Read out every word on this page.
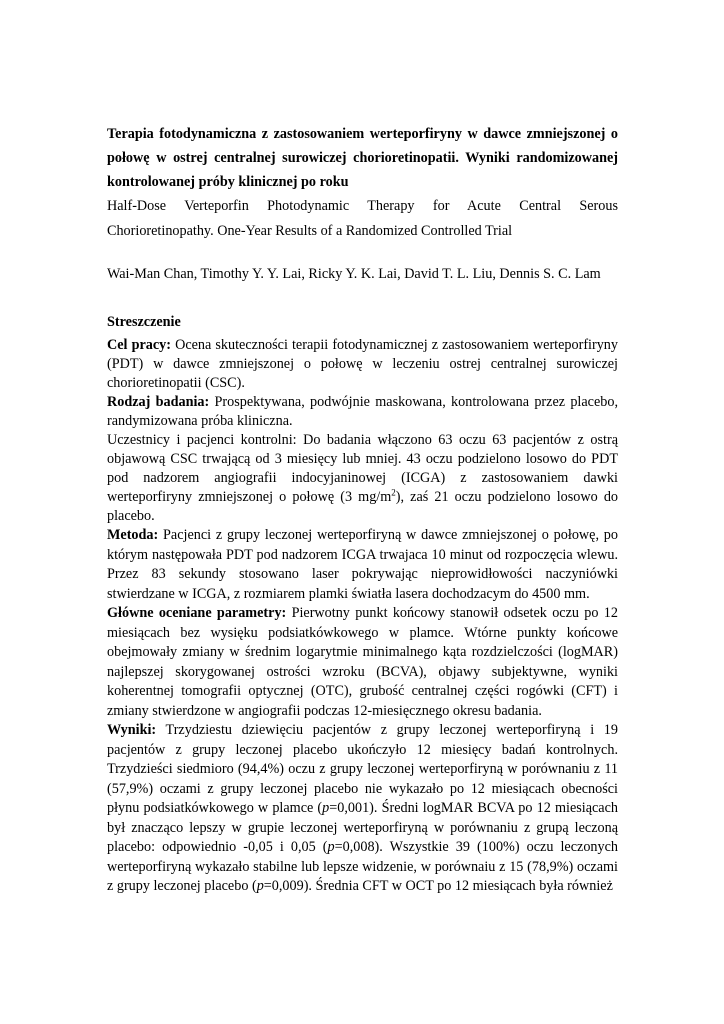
Terapia fotodynamiczna z zastosowaniem werteporfiryny w dawce zmniejszonej o połowę w ostrej centralnej surowiczej chorioretinopatii. Wyniki randomizowanej kontrolowanej próby klinicznej po roku

Half-Dose Verteporfin Photodynamic Therapy for Acute Central Serous Chorioretinopathy. One-Year Results of a Randomized Controlled Trial

Wai-Man Chan, Timothy Y. Y. Lai, Ricky Y. K. Lai, David T. L. Liu, Dennis S. C. Lam

Streszczenie

Cel pracy: Ocena skuteczności terapii fotodynamicznej z zastosowaniem werteporfiryny (PDT) w dawce zmniejszonej o połowę w leczeniu ostrej centralnej surowiczej chorioretinopatii (CSC).

Rodzaj badania: Prospektywana, podwójnie maskowana, kontrolowana przez placebo, randymizowana próba kliniczna.

Uczestnicy i pacjenci kontrolni: Do badania włączono 63 oczu 63 pacjentów z ostrą objawową CSC trwającą od 3 miesięcy lub mniej. 43 oczu podzielono losowo do PDT pod nadzorem angiografii indocyjaninowej (ICGA) z zastosowaniem dawki werteporfiryny zmniejszonej o połowę (3 $mg/m^2$), zaś 21 oczu podzielono losowo do placebo.

Metoda: Pacjenci z grupy leczonej werteporfiryną w dawce zmniejszonej o połowę, po którym następowała PDT pod nadzorem ICGA trwajaca 10 minut od rozpoczęcia wlewu. Przez 83 sekundy stosowano laser pokrywając nieprowidłowości naczyniówki stwierdzane w ICGA, z rozmiarem plamki światła lasera dochodzacym do 4500 mm.

Główne oceniane parametry: Pierwotny punkt końcowy stanowił odsetek oczu po 12 miesiącach bez wysięku podsiatkówkowego w plamce. Wtórne punkty końcowe obejmowały zmiany w średnim logarytmie minimalnego kąta rozdzielczości (logMAR) najlepszej skorygowanej ostrości wzroku (BCVA), objawy subjektywne, wyniki koherentnej tomografii optycznej (OTC), grubość centralnej części rogówki (CFT) i zmiany stwierdzone w angiografii podczas 12-miesięcznego okresu badania.

Wyniki: Trzydziestu dziewięciu pacjentów z grupy leczonej werteporfiryną i 19 pacjentów z grupy leczonej placebo ukończyło 12 miesięcy badań kontrolnych. Trzydzieści siedmioro (94,4%) oczu z grupy leczonej werteporfiryną w porównaniu z 11 (57,9%) oczami z grupy leczonej placebo nie wykazało po 12 miesiącach obecności płynu podsiatkówkowego w plamce (p=0,001). Średni logMAR BCVA po 12 miesiącach był znacząco lepszy w grupie leczonej werteporfiryną w porównaniu z grupą leczoną placebo: odpowiednio -0,05 i 0,05 (p=0,008). Wszystkie 39 (100%) oczu leczonych werteporfiryną wykazało stabilne lub lepsze widzenie, w porównaiu z 15 (78,9%) oczami z grupy leczonej placebo (p=0,009). Średnia CFT w OCT po 12 miesiącach była również
